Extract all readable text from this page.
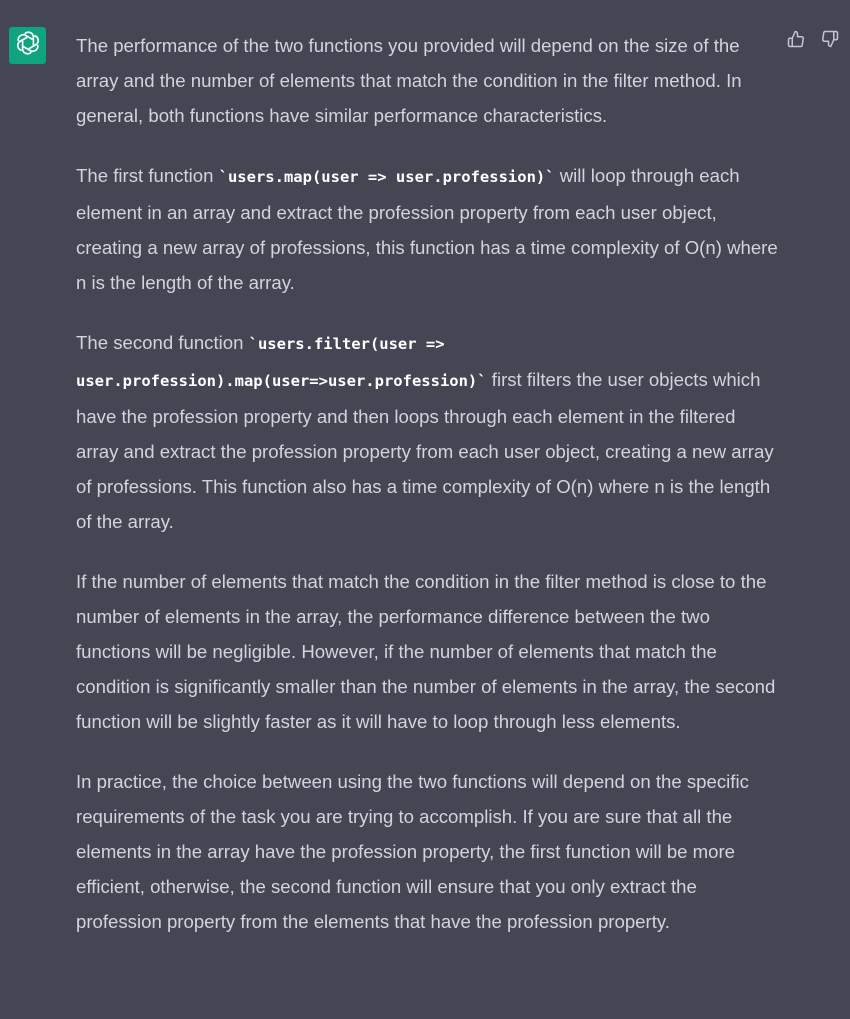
The performance of the two functions you provided will depend on the size of the array and the number of elements that match the condition in the filter method. In general, both functions have similar performance characteristics.

The first function `users.map(user => user.profession)` will loop through each element in an array and extract the profession property from each user object, creating a new array of professions, this function has a time complexity of O(n) where n is the length of the array.

The second function `users.filter(user => user.profession).map(user=>user.profession)` first filters the user objects which have the profession property and then loops through each element in the filtered array and extract the profession property from each user object, creating a new array of professions. This function also has a time complexity of O(n) where n is the length of the array.

If the number of elements that match the condition in the filter method is close to the number of elements in the array, the performance difference between the two functions will be negligible. However, if the number of elements that match the condition is significantly smaller than the number of elements in the array, the second function will be slightly faster as it will have to loop through less elements.

In practice, the choice between using the two functions will depend on the specific requirements of the task you are trying to accomplish. If you are sure that all the elements in the array have the profession property, the first function will be more efficient, otherwise, the second function will ensure that you only extract the profession property from the elements that have the profession property.
